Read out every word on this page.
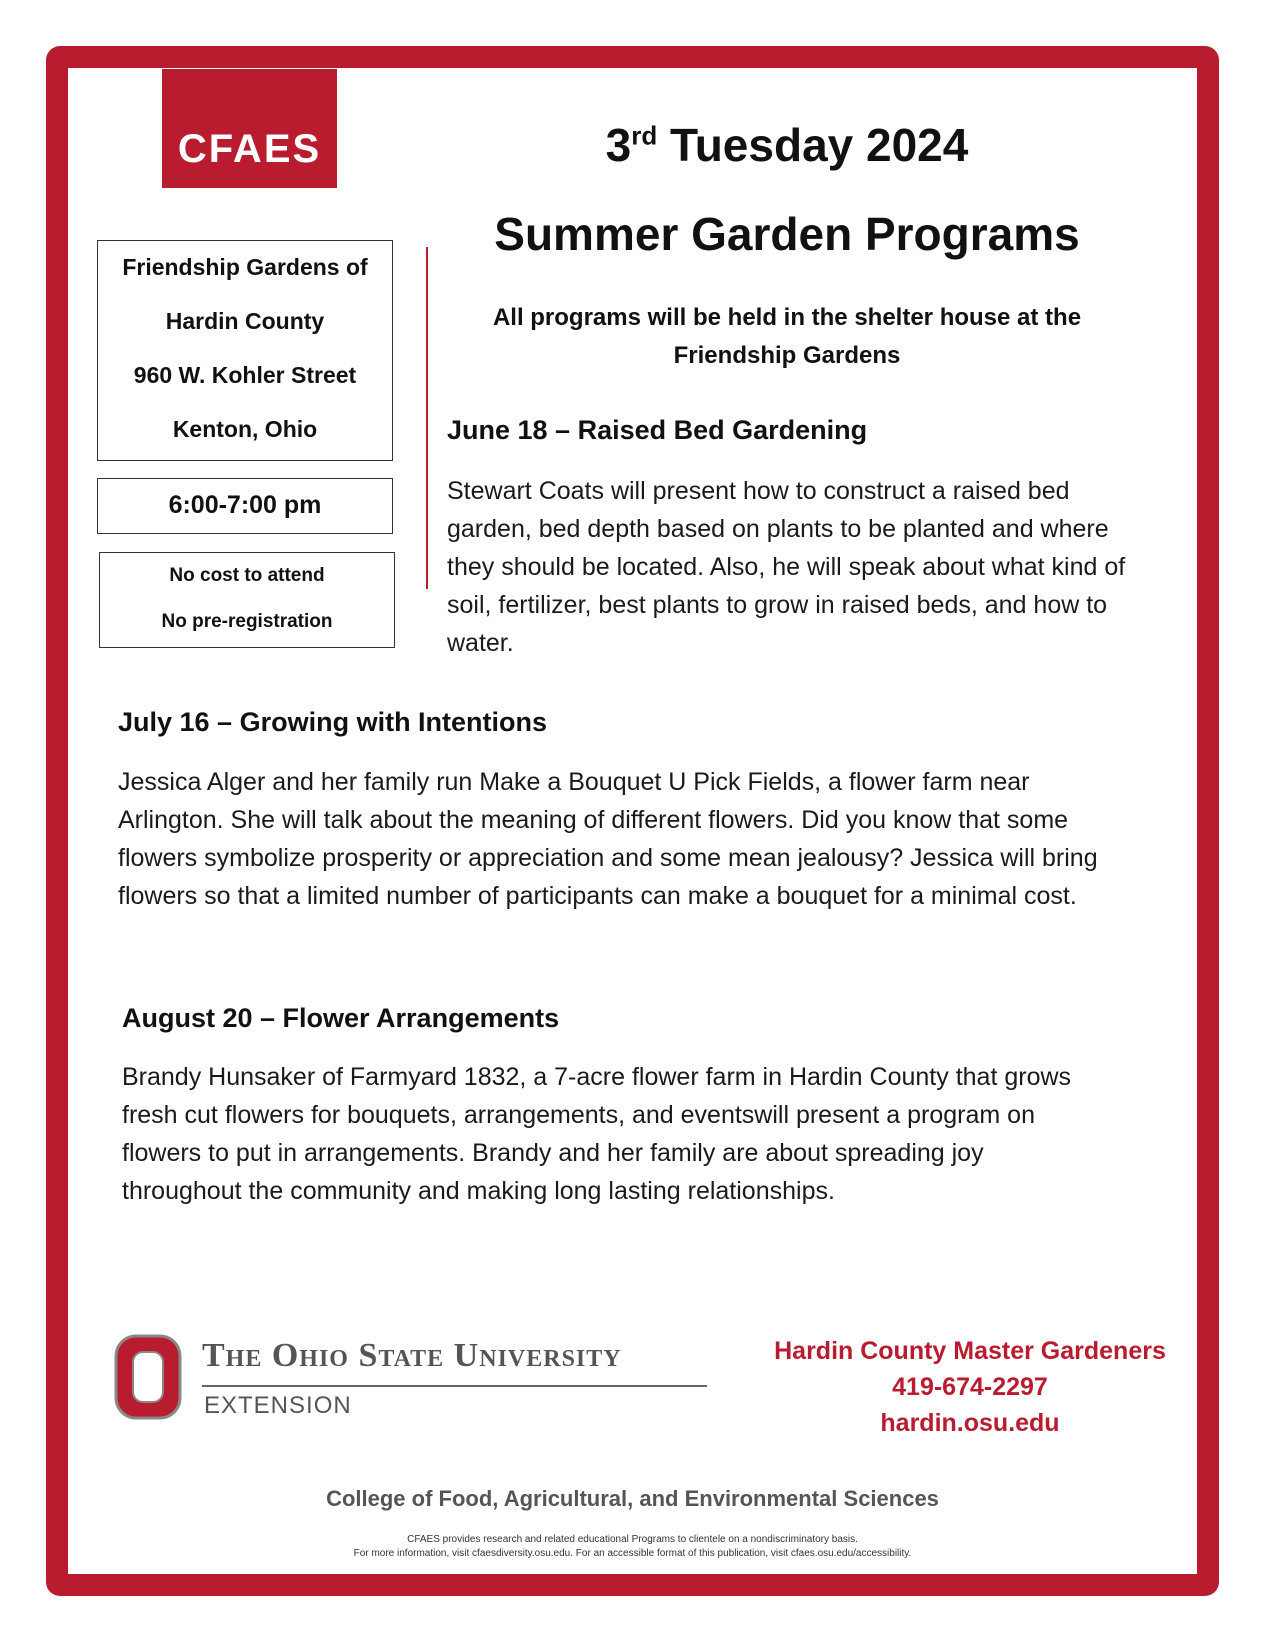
CFAES	3rd Tuesday 2024
Summer Garden Programs
All programs will be held in the shelter house at the Friendship Gardens
Friendship Gardens of
Hardin County
960 W. Kohler Street
Kenton, Ohio
6:00-7:00 pm
No cost to attend
No pre-registration
June 18 – Raised Bed Gardening
Stewart Coats will present how to construct a raised bed garden, bed depth based on plants to be planted and where they should be located. Also, he will speak about what kind of soil, fertilizer, best plants to grow in raised beds, and how to water.
July 16 – Growing with Intentions
Jessica Alger and her family run Make a Bouquet U Pick Fields, a flower farm near Arlington. She will talk about the meaning of different flowers. Did you know that some flowers symbolize prosperity or appreciation and some mean jealousy? Jessica will bring flowers so that a limited number of participants can make a bouquet for a minimal cost.
August 20 – Flower Arrangements
Brandy Hunsaker of Farmyard 1832, a 7-acre flower farm in Hardin County that grows fresh cut flowers for bouquets, arrangements, and eventswill present a program on flowers to put in arrangements. Brandy and her family are about spreading joy throughout the community and making long lasting relationships.
The Ohio State University
EXTENSION
Hardin County Master Gardeners
419-674-2297
hardin.osu.edu
College of Food, Agricultural, and Environmental Sciences
CFAES provides research and related educational Programs to clientele on a nondiscriminatory basis.
For more information, visit cfaesdiversity.osu.edu. For an accessible format of this publication, visit cfaes.osu.edu/accessibility.
